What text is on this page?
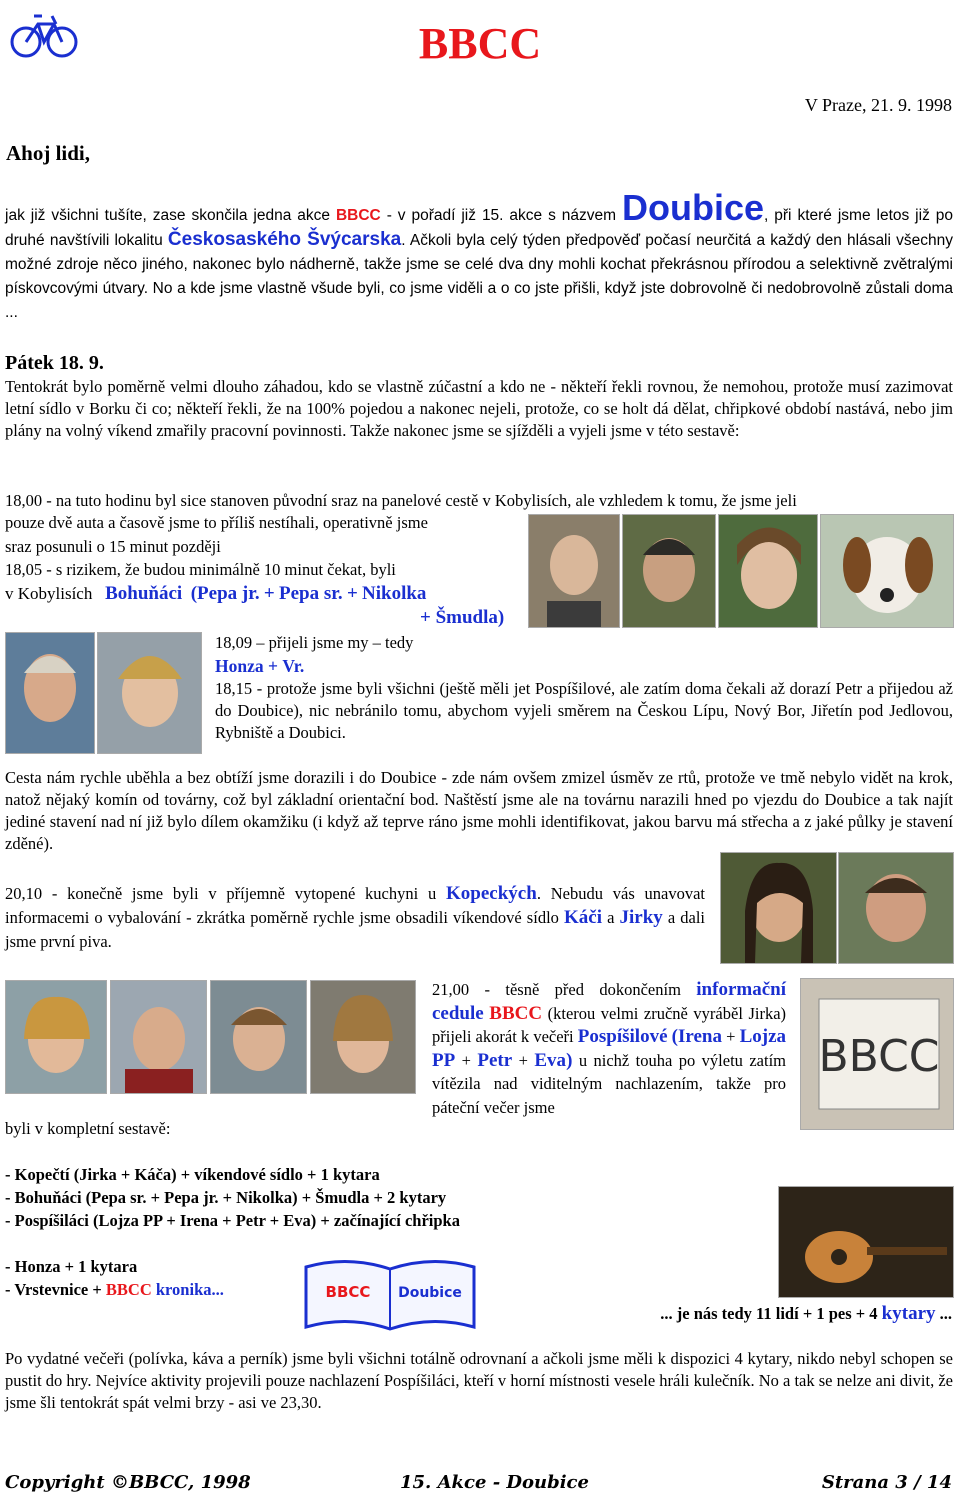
BBCC
V Praze, 21. 9. 1998
Ahoj lidi,
jak již všichni tušíte, zase skončila jedna akce BBCC - v pořadí již 15. akce s názvem Doubice, při které jsme letos již po druhé navštívili lokalitu Českosaského Švýcarska. Ačkoli byla celý týden předpověď počasí neurčitá a každý den hlásali všechny možné zdroje něco jiného, nakonec bylo nádherně, takže jsme se celé dva dny mohli kochat překrásnou přírodou a selektivně zvětralými pískovcovými útvary. No a kde jsme vlastně všude byli, co jsme viděli a o co jste přišli, když jste dobrovolně či nedobrovolně zůstali doma ...
Pátek 18. 9.
Tentokrát bylo poměrně velmi dlouho záhadou, kdo se vlastně zúčastní a kdo ne - někteří řekli rovnou, že nemohou, protože musí zazimovat letní sídlo v Borku či co; někteří řekli, že na 100% pojedou a nakonec nejeli, protože, co se holt dá dělat, chřipkové období nastává, nebo jim plány na volný víkend zmařily pracovní povinnosti. Takže nakonec jsme se sjížděli a vyjeli jsme v této sestavě:
18,00 - na tuto hodinu byl sice stanoven původní sraz na panelové cestě v Kobylisích, ale vzhledem k tomu, že jsme jeli
pouze dvě auta a časově jsme to příliš nestíhali, operativně jsme
sraz posunuli o 15 minut později
18,05 - s rizikem, že budou minimálně 10 minut čekat, byli
v Kobylisích Bohuňáci (Pepa jr. + Pepa sr. + Nikolka
+ Šmudla)
18,09 – přijeli jsme my – tedy
Honza + Vr.
18,15 - protože jsme byli všichni (ještě měli jet Pospíšilové, ale zatím doma čekali až dorazí Petr a přijedou až do Doubice), nic nebránilo tomu, abychom vyjeli směrem na Českou Lípu, Nový Bor, Jiřetín pod Jedlovou, Rybniště a Doubici.
Cesta nám rychle uběhla a bez obtíží jsme dorazili i do Doubice - zde nám ovšem zmizel úsměv ze rtů, protože ve tmě nebylo vidět na krok, natož nějaký komín od továrny, což byl základní orientační bod. Naštěstí jsme ale na továrnu narazili hned po vjezdu do Doubice a tak najít jediné stavení nad ní již bylo dílem okamžiku (i když až teprve ráno jsme mohli identifikovat, jakou barvu má střecha a z jaké půlky je stavení zděné).
20,10 - konečně jsme byli v příjemně vytopené kuchyni u Kopeckých. Nebudu vás unavovat informacemi o vybalování - zkrátka poměrně rychle jsme obsadili víkendové sídlo Káči a Jirky a dali jsme první piva.
21,00 - těsně před dokončením informační cedule BBCC (kterou velmi zručně vyráběl Jirka) přijeli akorát k večeři Pospíšilové (Irena + Lojza PP + Petr + Eva) u nichž touha po výletu zatím vítězila nad viditelným nachlazením, takže pro páteční večer jsme
BBCC
byli v kompletní sestavě:
- Kopečtí (Jirka + Káča) + víkendové sídlo + 1 kytara
- Bohuňáci (Pepa sr. + Pepa jr. + Nikolka) + Šmudla + 2 kytary
- Pospíšiláci (Lojza PP + Irena + Petr + Eva) + začínající chřipka
- Honza + 1 kytara
- Vrstevnice + BBCC kronika...	BBCC Doubice
... je nás tedy 11 lidí + 1 pes + 4 kytary ...
Po vydatné večeři (polívka, káva a perník) jsme byli všichni totálně odrovnaní a ačkoli jsme měli k dispozici 4 kytary, nikdo nebyl schopen se pustit do hry. Nejvíce aktivity projevili pouze nachlazení Pospíšiláci, kteří v horní místnosti vesele hráli kulečník. No a tak se nelze ani divit, že jsme šli tentokrát spát velmi brzy - asi ve 23,30.
Copyright ©BBCC, 1998	15. Akce - Doubice	Strana 3 / 14
